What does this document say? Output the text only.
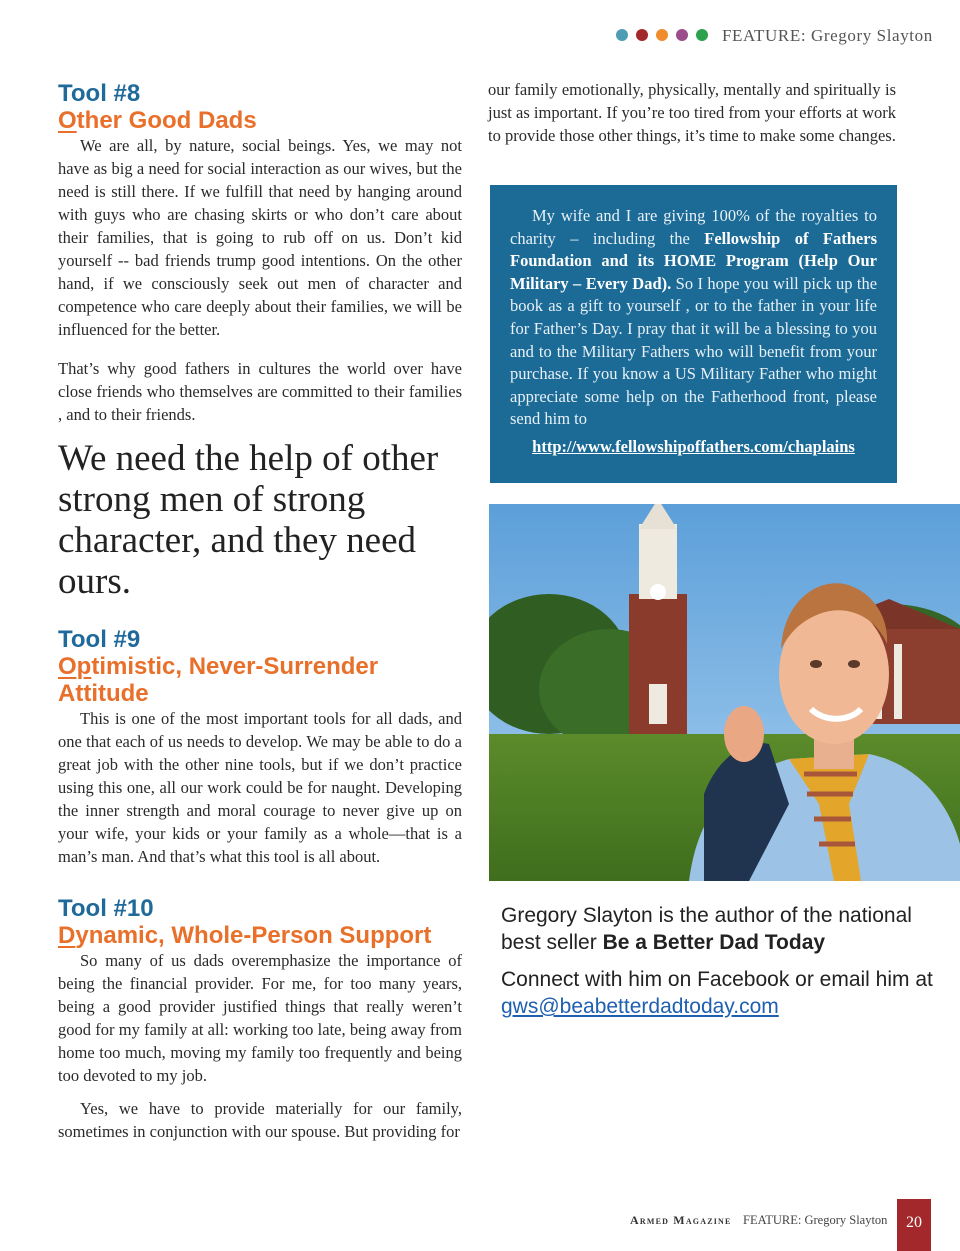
FEATURE: Gregory Slayton
Tool #8
Other Good Dads

We are all, by nature, social beings. Yes, we may not have as big a need for social interaction as our wives, but the need is still there. If we fulfill that need by hanging around with guys who are chasing skirts or who don’t care about their families, that is going to rub off on us. Don’t kid yourself -- bad friends trump good intentions. On the other hand, if we consciously seek out men of character and competence who care deeply about their families, we will be influenced for the better.

That’s why good fathers in cultures the world over have close friends who themselves are committed to their families , and to their friends.

We need the help of other strong men of strong character, and they need ours.
Tool #9
Optimistic, Never-Surrender
Attitude

This is one of the most important tools for all dads, and one that each of us needs to develop. We may be able to do a great job with the other nine tools, but if we don’t practice using this one, all our work could be for naught. Developing the inner strength and moral courage to never give up on your wife, your kids or your family as a whole—that is a man’s man. And that’s what this tool is all about.

Tool #10
Dynamic, Whole-Person Support

So many of us dads overemphasize the importance of being the financial provider. For me, for too many years, being a good provider justified things that really weren’t good for my family at all: working too late, being away from home too much, moving my family too frequently and being too devoted to my job.

Yes, we have to provide materially for our family, sometimes in conjunction with our spouse. But providing for

our family emotionally, physically, mentally and spiritually is just as important. If you’re too tired from your efforts at work to provide those other things, it’s time to make some changes.

My wife and I are giving 100% of the royalties to charity – including the Fellowship of Fathers Foundation and its HOME Program (Help Our Military – Every Dad). So I hope you will pick up the book as a gift to yourself , or to the father in your life for Father’s Day. I pray that it will be a blessing to you and to the Military Fathers who will benefit from your purchase. If you know a US Military Father who might appreciate some help on the Fatherhood front, please send him to

http://www.fellowshipoffathers.com/chaplains

Gregory Slayton is the author of the national best seller Be a Better Dad Today

Connect with him on Facebook or email him at gws@beabetterdadtoday.com

Armed Magazine FEATURE: Gregory Slayton	20
